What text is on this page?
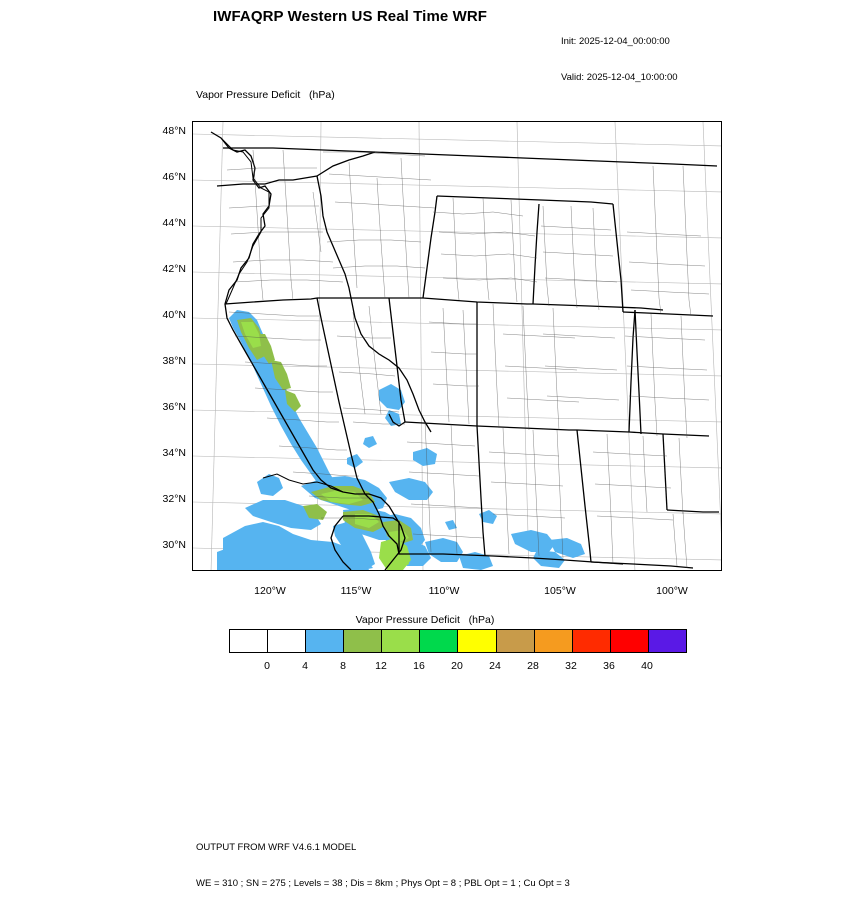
IWFAQRP Western US Real Time WRF

Init: 2025-12-04_00:00:00

Valid: 2025-12-04_10:00:00

Vapor Pressure Deficit   (hPa)
48°N
46°N
44°N
42°N
40°N
38°N
36°N
34°N
32°N
30°N
120°W	115°W	110°W	105°W	100°W
Vapor Pressure Deficit   (hPa)
0	4	8	12	16	20	24	28	32	36	40

OUTPUT FROM WRF V4.6.1 MODEL

WE = 310 ; SN = 275 ; Levels = 38 ; Dis = 8km ; Phys Opt = 8 ; PBL Opt = 1 ; Cu Opt = 3
